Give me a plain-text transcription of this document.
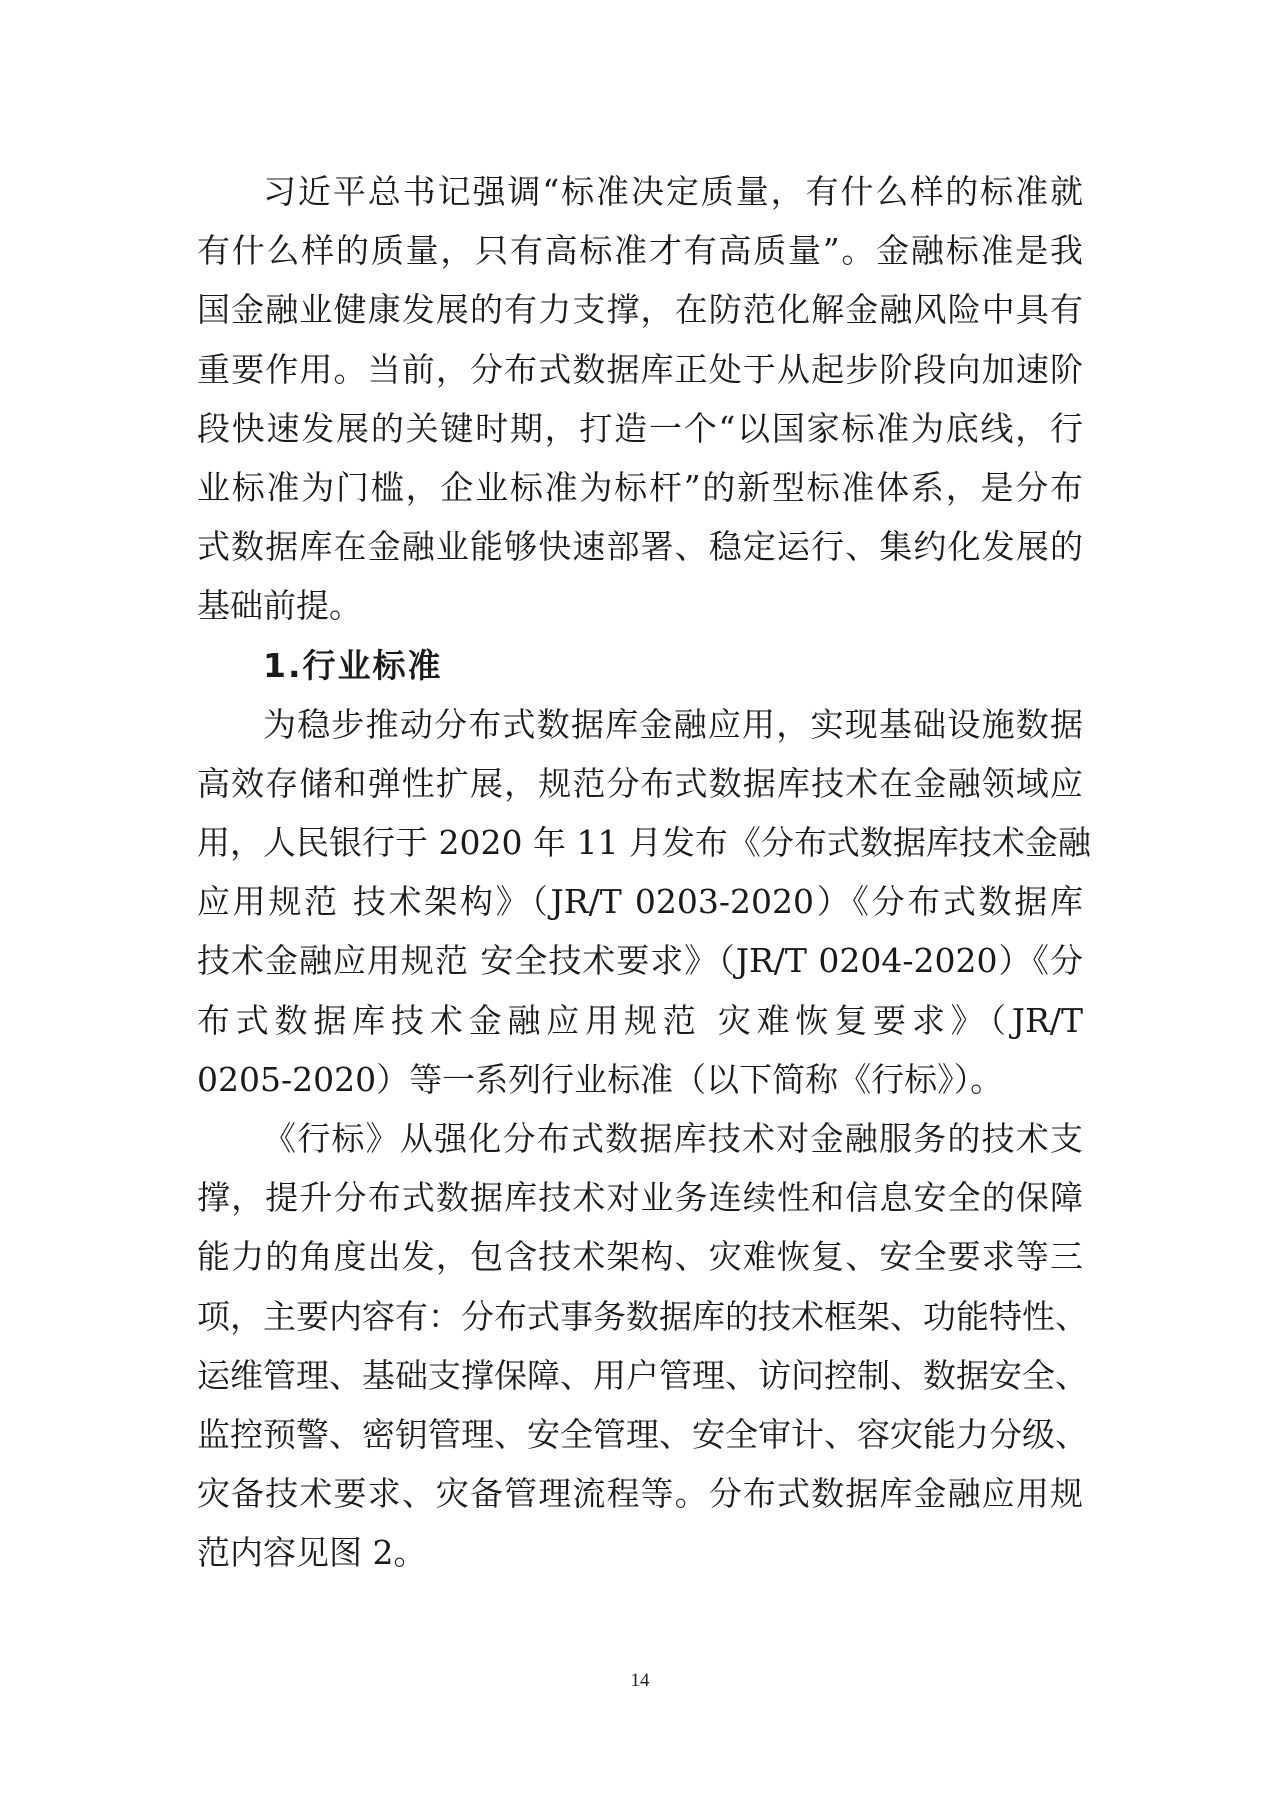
习近平总书记强调“标准决定质量，有什么样的标准就
有什么样的质量，只有高标准才有高质量”。金融标准是我
国金融业健康发展的有力支撑，在防范化解金融风险中具有
重要作用。当前，分布式数据库正处于从起步阶段向加速阶
段快速发展的关键时期，打造一个“以国家标准为底线，行
业标准为门槛，企业标准为标杆”的新型标准体系，是分布
式数据库在金融业能够快速部署、稳定运行、集约化发展的
基础前提。
1.行业标准
为稳步推动分布式数据库金融应用，实现基础设施数据
高效存储和弹性扩展，规范分布式数据库技术在金融领域应
用，人民银行于 2020 年 11 月发布《分布式数据库技术金融
应用规范 技术架构》（JR/T 0203-2020）《分布式数据库
技术金融应用规范 安全技术要求》（JR/T 0204-2020）《分
布式数据库技术金融应用规范 灾难恢复要求》（JR/T
0205-2020）等一系列行业标准（以下简称《行标》）。
《行标》从强化分布式数据库技术对金融服务的技术支
撑，提升分布式数据库技术对业务连续性和信息安全的保障
能力的角度出发，包含技术架构、灾难恢复、安全要求等三
项，主要内容有：分布式事务数据库的技术框架、功能特性、
运维管理、基础支撑保障、用户管理、访问控制、数据安全、
监控预警、密钥管理、安全管理、安全审计、容灾能力分级、
灾备技术要求、灾备管理流程等。分布式数据库金融应用规
范内容见图 2。
14
